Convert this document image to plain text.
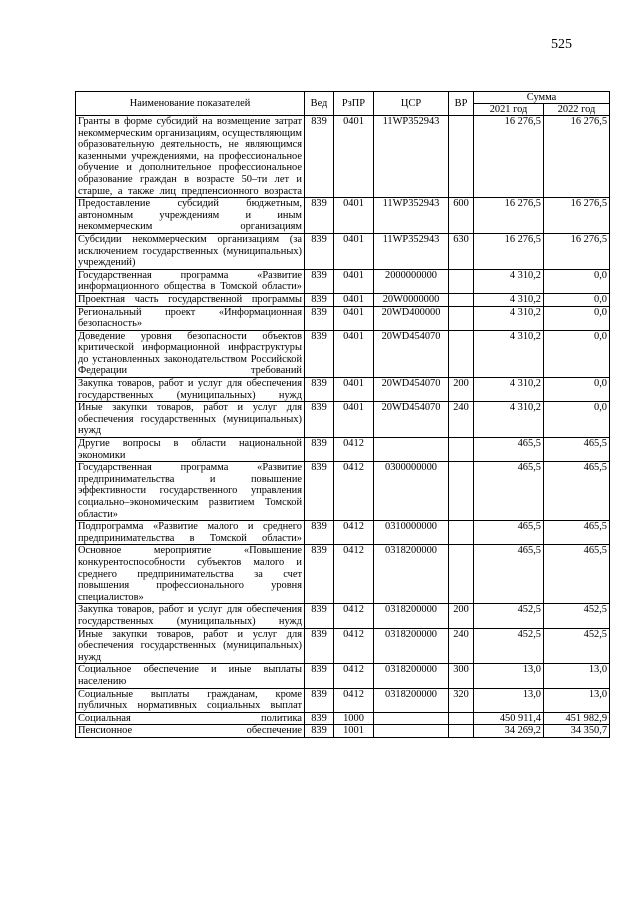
525
Наименование показателей	Вед	РзПР	ЦСР	ВР	Сумма	
					2021 год	2022 год
Гранты в форме субсидий на возмещение затрат некоммерческим организациям, осуществляющим образовательную деятельность, не являющимся казенными учреждениями, на профессиональное обучение и дополнительное профессиональное образование граждан в возрасте 50–ти лет и старше, а также лиц предпенсионного возраста	839	0401	11WP352943		16 276,5	16 276,5
Предоставление субсидий бюджетным, автономным учреждениям и иным некоммерческим организациям	839	0401	11WP352943	600	16 276,5	16 276,5
Субсидии некоммерческим организациям (за исключением государственных (муниципальных) учреждений)	839	0401	11WP352943	630	16 276,5	16 276,5
Государственная программа «Развитие информационного общества в Томской области»	839	0401	2000000000		4 310,2	0,0
Проектная часть государственной программы	839	0401	20W0000000		4 310,2	0,0
Региональный проект «Информационная безопасность»	839	0401	20WD400000		4 310,2	0,0
Доведение уровня безопасности объектов критической информационной инфраструктуры до установленных законодательством Российской Федерации требований	839	0401	20WD454070		4 310,2	0,0
Закупка товаров, работ и услуг для обеспечения государственных (муниципальных) нужд	839	0401	20WD454070	200	4 310,2	0,0
Иные закупки товаров, работ и услуг для обеспечения государственных (муниципальных) нужд	839	0401	20WD454070	240	4 310,2	0,0
Другие вопросы в области национальной экономики	839	0412			465,5	465,5
Государственная программа «Развитие предпринимательства и повышение эффективности государственного управления социально–экономическим развитием Томской области»	839	0412	0300000000		465,5	465,5
Подпрограмма «Развитие малого и среднего предпринимательства в Томской области»	839	0412	0310000000		465,5	465,5
Основное мероприятие «Повышение конкурентоспособности субъектов малого и среднего предпринимательства за счет повышения профессионального уровня специалистов»	839	0412	0318200000		465,5	465,5
Закупка товаров, работ и услуг для обеспечения государственных (муниципальных) нужд	839	0412	0318200000	200	452,5	452,5
Иные закупки товаров, работ и услуг для обеспечения государственных (муниципальных) нужд	839	0412	0318200000	240	452,5	452,5
Социальное обеспечение и иные выплаты населению	839	0412	0318200000	300	13,0	13,0
Социальные выплаты гражданам, кроме публичных нормативных социальных выплат	839	0412	0318200000	320	13,0	13,0
Социальная политика	839	1000			450 911,4	451 982,9
Пенсионное обеспечение	839	1001			34 269,2	34 350,7
